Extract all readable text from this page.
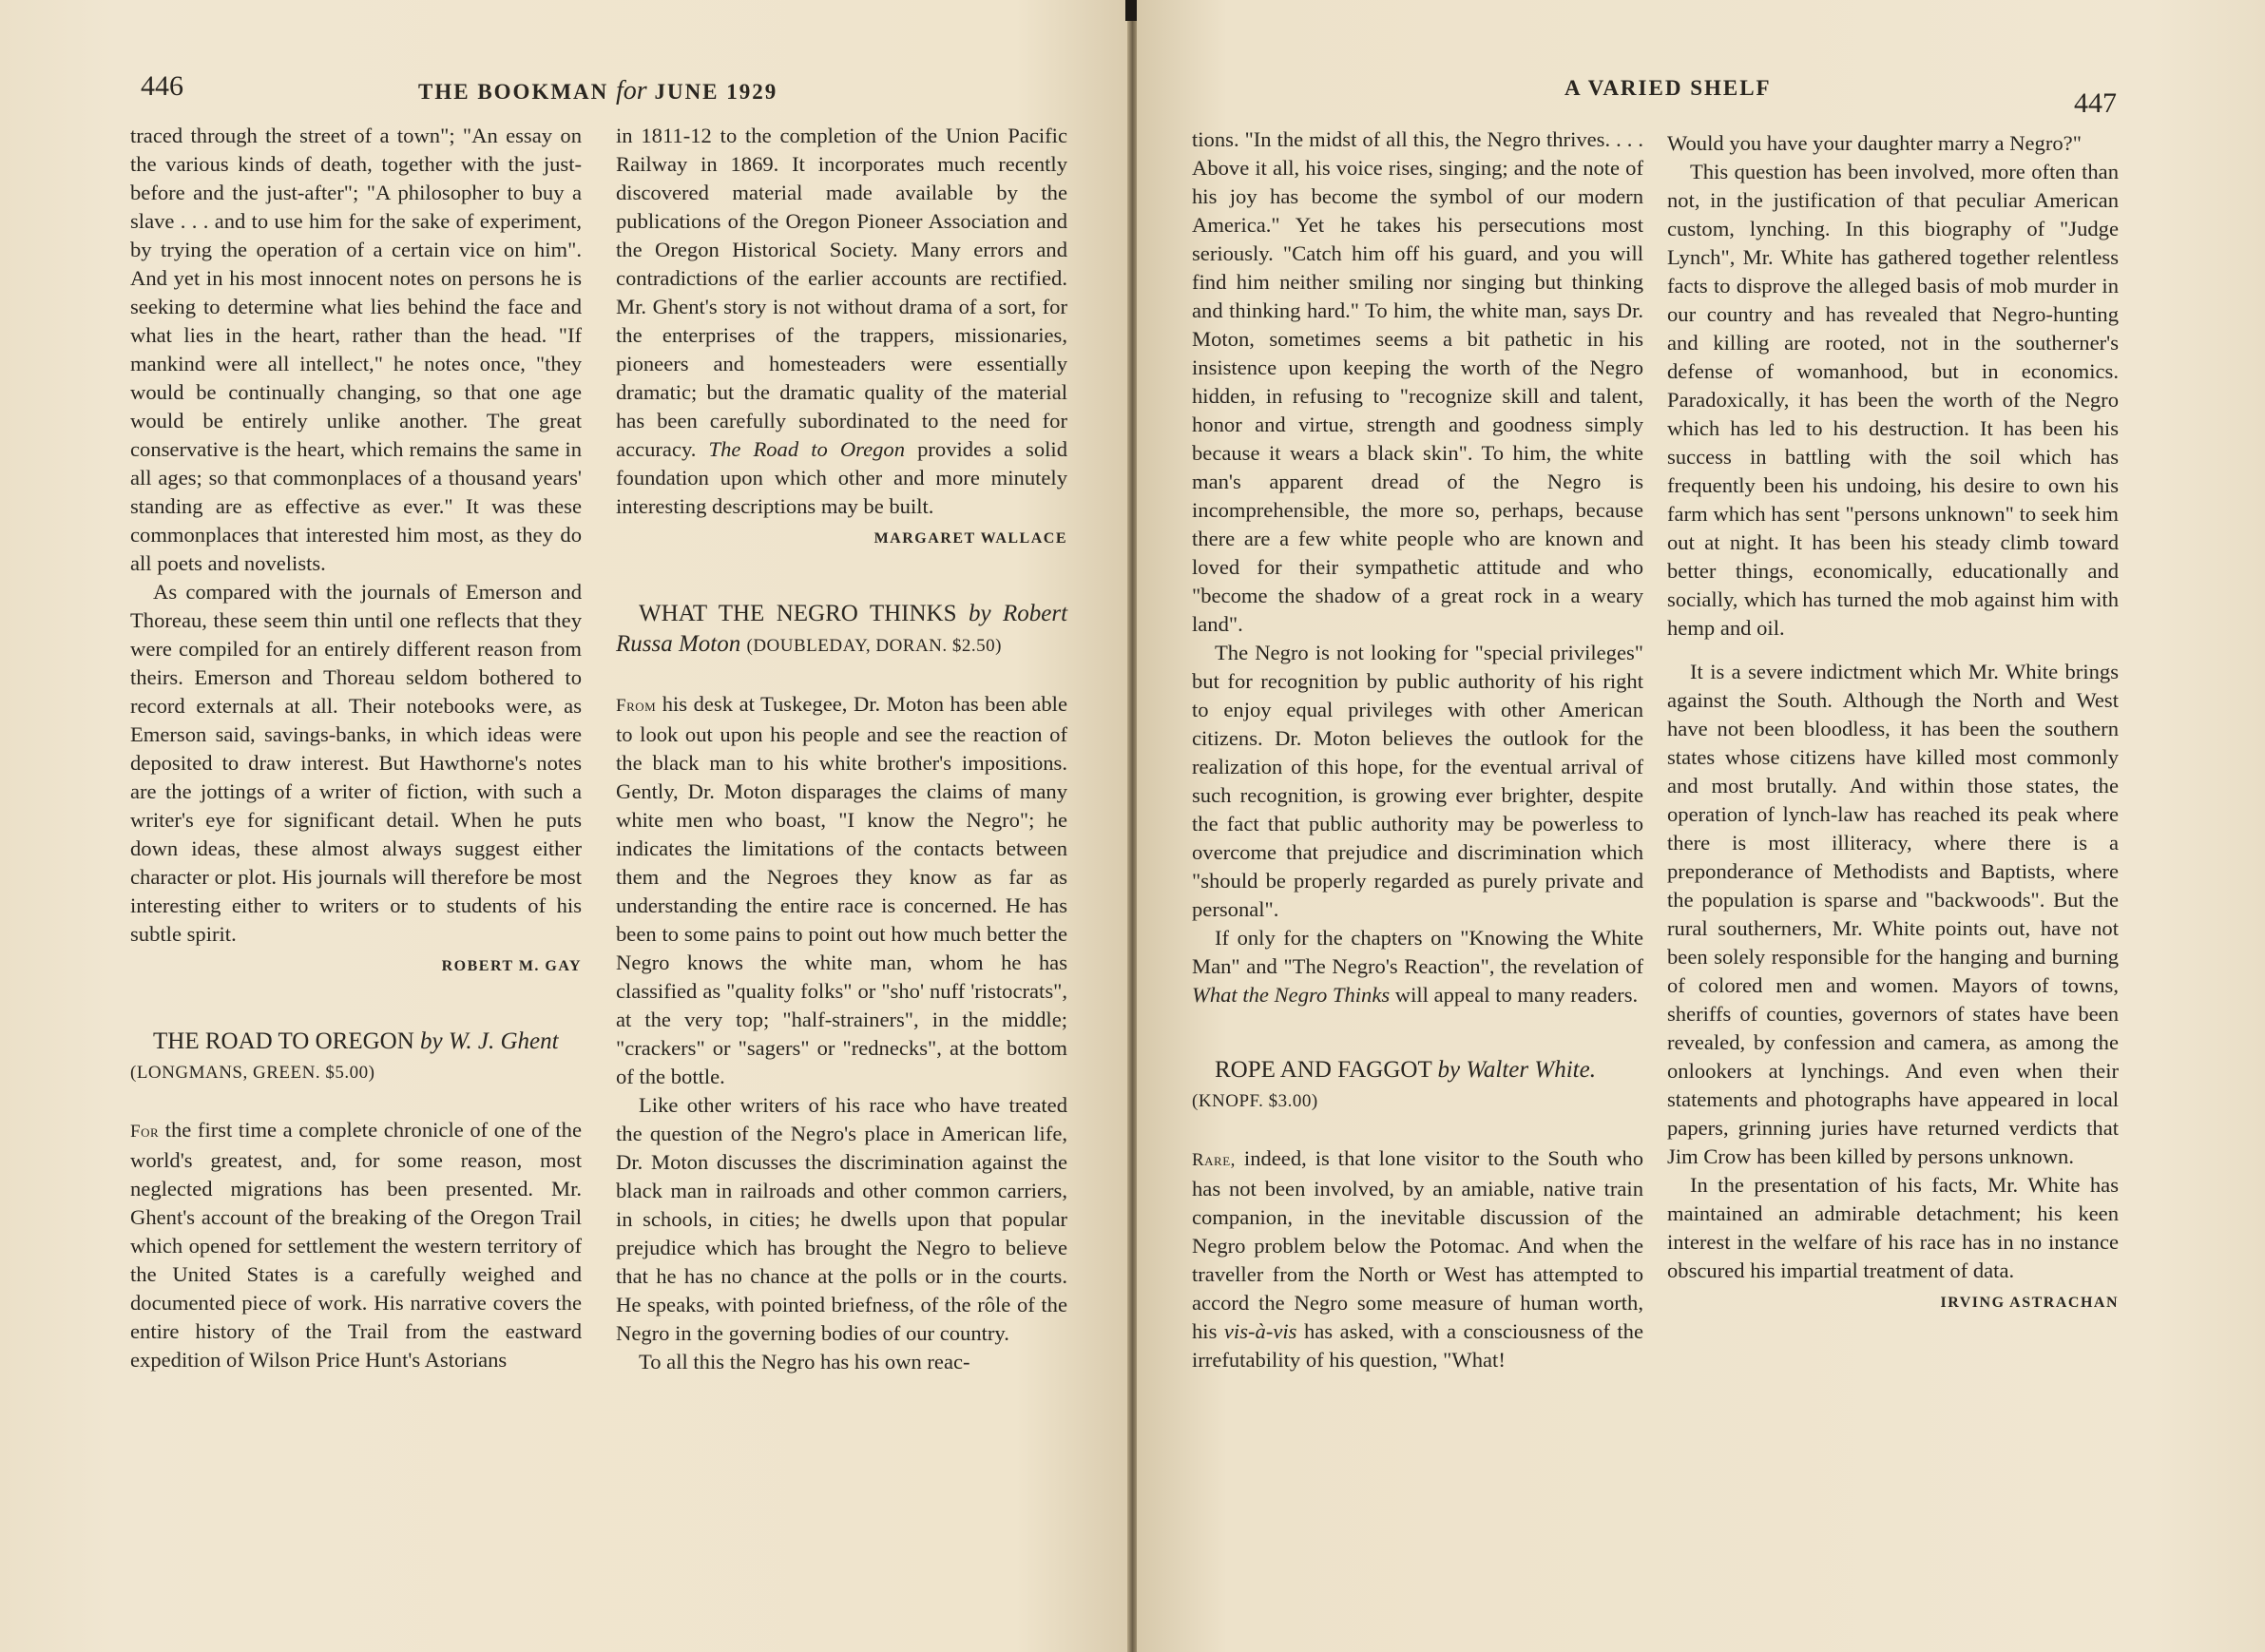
446	THE BOOKMAN for JUNE 1929

traced through the street of a town"; "An essay on the various kinds of death, together with the just-before and the just-after"; "A philosopher to buy a slave . . . and to use him for the sake of experiment, by trying the operation of a certain vice on him". And yet in his most innocent notes on persons he is seeking to determine what lies behind the face and what lies in the heart, rather than the head. "If mankind were all intellect," he notes once, "they would be continually changing, so that one age would be entirely unlike another. The great conservative is the heart, which remains the same in all ages; so that commonplaces of a thousand years' standing are as effective as ever." It was these commonplaces that interested him most, as they do all poets and novelists.

As compared with the journals of Emerson and Thoreau, these seem thin until one reflects that they were compiled for an entirely different reason from theirs. Emerson and Thoreau seldom bothered to record externals at all. Their notebooks were, as Emerson said, savings-banks, in which ideas were deposited to draw interest. But Hawthorne's notes are the jottings of a writer of fiction, with such a writer's eye for significant detail. When he puts down ideas, these almost always suggest either character or plot. His journals will therefore be most interesting either to writers or to students of his subtle spirit.

ROBERT M. GAY

THE ROAD TO OREGON by W. J. Ghent

(LONGMANS, GREEN. $5.00)

For the first time a complete chronicle of one of the world's greatest, and, for some reason, most neglected migrations has been presented. Mr. Ghent's account of the breaking of the Oregon Trail which opened for settlement the western territory of the United States is a carefully weighed and documented piece of work. His narrative covers the entire history of the Trail from the eastward expedition of Wilson Price Hunt's Astorians

in 1811-12 to the completion of the Union Pacific Railway in 1869. It incorporates much recently discovered material made available by the publications of the Oregon Pioneer Association and the Oregon Historical Society. Many errors and contradictions of the earlier accounts are rectified. Mr. Ghent's story is not without drama of a sort, for the enterprises of the trappers, missionaries, pioneers and homesteaders were essentially dramatic; but the dramatic quality of the material has been carefully subordinated to the need for accuracy. The Road to Oregon provides a solid foundation upon which other and more minutely interesting descriptions may be built.

MARGARET WALLACE

WHAT THE NEGRO THINKS by Robert Russa Moton (DOUBLEDAY, DORAN. $2.50)

From his desk at Tuskegee, Dr. Moton has been able to look out upon his people and see the reaction of the black man to his white brother's impositions. Gently, Dr. Moton disparages the claims of many white men who boast, "I know the Negro"; he indicates the limitations of the contacts between them and the Negroes they know as far as understanding the entire race is concerned. He has been to some pains to point out how much better the Negro knows the white man, whom he has classified as "quality folks" or "sho' nuff 'ristocrats", at the very top; "half-strainers", in the middle; "crackers" or "sagers" or "rednecks", at the bottom of the bottle.

Like other writers of his race who have treated the question of the Negro's place in American life, Dr. Moton discusses the discrimination against the black man in railroads and other common carriers, in schools, in cities; he dwells upon that popular prejudice which has brought the Negro to believe that he has no chance at the polls or in the courts. He speaks, with pointed briefness, of the rôle of the Negro in the governing bodies of our country.

To all this the Negro has his own reac-

A VARIED SHELF	447

tions. "In the midst of all this, the Negro thrives. . . . Above it all, his voice rises, singing; and the note of his joy has become the symbol of our modern America." Yet he takes his persecutions most seriously. "Catch him off his guard, and you will find him neither smiling nor singing but thinking and thinking hard." To him, the white man, says Dr. Moton, sometimes seems a bit pathetic in his insistence upon keeping the worth of the Negro hidden, in refusing to "recognize skill and talent, honor and virtue, strength and goodness simply because it wears a black skin". To him, the white man's apparent dread of the Negro is incomprehensible, the more so, perhaps, because there are a few white people who are known and loved for their sympathetic attitude and who "become the shadow of a great rock in a weary land".

The Negro is not looking for "special privileges" but for recognition by public authority of his right to enjoy equal privileges with other American citizens. Dr. Moton believes the outlook for the realization of this hope, for the eventual arrival of such recognition, is growing ever brighter, despite the fact that public authority may be powerless to overcome that prejudice and discrimination which "should be properly regarded as purely private and personal".

If only for the chapters on "Knowing the White Man" and "The Negro's Reaction", the revelation of What the Negro Thinks will appeal to many readers.

ROPE AND FAGGOT by Walter White.

(KNOPF. $3.00)

Rare, indeed, is that lone visitor to the South who has not been involved, by an amiable, native train companion, in the inevitable discussion of the Negro problem below the Potomac. And when the traveller from the North or West has attempted to accord the Negro some measure of human worth, his vis-à-vis has asked, with a consciousness of the irrefutability of his question, "What!

Would you have your daughter marry a Negro?"

This question has been involved, more often than not, in the justification of that peculiar American custom, lynching. In this biography of "Judge Lynch", Mr. White has gathered together relentless facts to disprove the alleged basis of mob murder in our country and has revealed that Negro-hunting and killing are rooted, not in the southerner's defense of womanhood, but in economics. Paradoxically, it has been the worth of the Negro which has led to his destruction. It has been his success in battling with the soil which has frequently been his undoing, his desire to own his farm which has sent "persons unknown" to seek him out at night. It has been his steady climb toward better things, economically, educationally and socially, which has turned the mob against him with hemp and oil.

It is a severe indictment which Mr. White brings against the South. Although the North and West have not been bloodless, it has been the southern states whose citizens have killed most commonly and most brutally. And within those states, the operation of lynch-law has reached its peak where there is most illiteracy, where there is a preponderance of Methodists and Baptists, where the population is sparse and "backwoods". But the rural southerners, Mr. White points out, have not been solely responsible for the hanging and burning of colored men and women. Mayors of towns, sheriffs of counties, governors of states have been revealed, by confession and camera, as among the onlookers at lynchings. And even when their statements and photographs have appeared in local papers, grinning juries have returned verdicts that Jim Crow has been killed by persons unknown.

In the presentation of his facts, Mr. White has maintained an admirable detachment; his keen interest in the welfare of his race has in no instance obscured his impartial treatment of data.

IRVING ASTRACHAN
